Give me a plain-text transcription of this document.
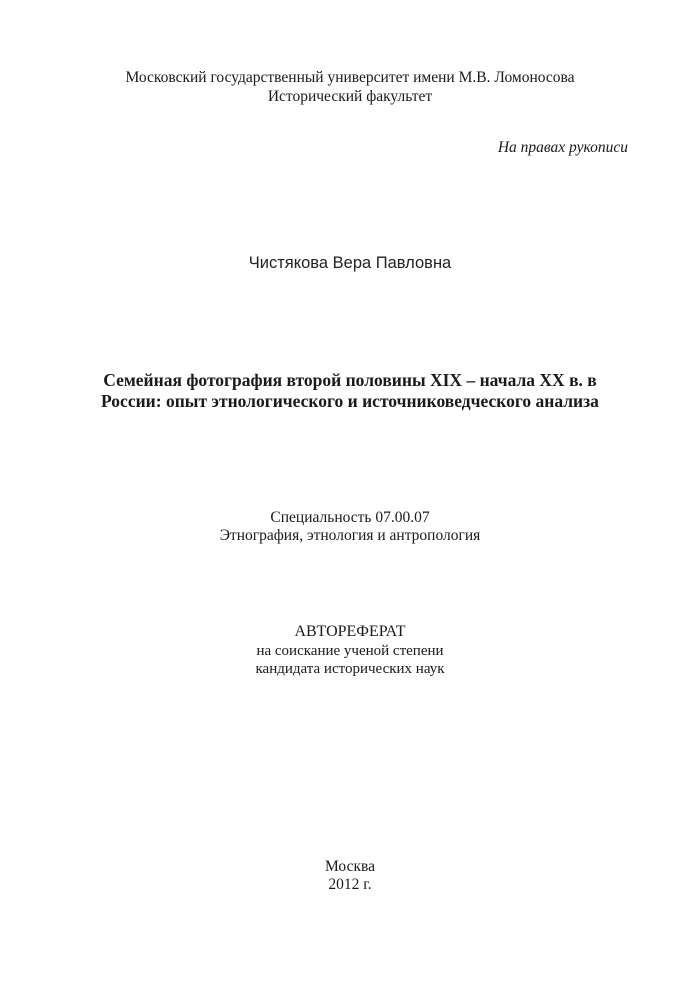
Московский государственный университет имени М.В. Ломоносова
Исторический факультет
На правах рукописи
Чистякова Вера Павловна
Семейная фотография второй половины XIX – начала XX в. в
России: опыт этнологического и источниковедческого анализа
Специальность 07.00.07
Этнография, этнология и антропология
АВТОРЕФЕРАТ
на соискание ученой степени
кандидата исторических наук
Москва
2012 г.
